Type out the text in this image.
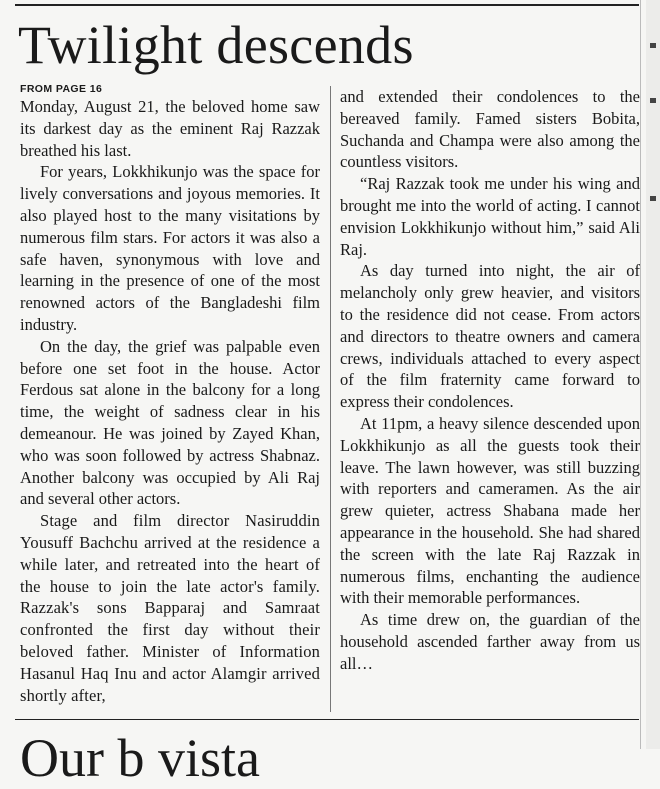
Twilight descends
FROM PAGE 16

Monday, August 21, the beloved home saw its darkest day as the eminent Raj Razzak breathed his last.

For years, Lokkhikunjo was the space for lively conversations and joyous memories. It also played host to the many visitations by numerous film stars. For actors it was also a safe haven, synonymous with love and learning in the presence of one of the most renowned actors of the Bangladeshi film industry.

On the day, the grief was palpable even before one set foot in the house. Actor Ferdous sat alone in the balcony for a long time, the weight of sadness clear in his demeanour. He was joined by Zayed Khan, who was soon followed by actress Shabnaz. Another balcony was occupied by Ali Raj and several other actors.

Stage and film director Nasiruddin Yousuff Bachchu arrived at the residence a while later, and retreated into the heart of the house to join the late actor's family. Razzak's sons Bapparaj and Samraat confronted the first day without their beloved father. Minister of Information Hasanul Haq Inu and actor Alamgir arrived shortly after,

and extended their condolences to the bereaved family. Famed sisters Bobita, Suchanda and Champa were also among the countless visitors.

“Raj Razzak took me under his wing and brought me into the world of acting. I cannot envision Lokkhikunjo without him,” said Ali Raj.

As day turned into night, the air of melancholy only grew heavier, and visitors to the residence did not cease. From actors and directors to theatre owners and camera crews, individuals attached to every aspect of the film fraternity came forward to express their condolences.

At 11pm, a heavy silence descended upon Lokkhikunjo as all the guests took their leave. The lawn however, was still buzzing with reporters and cameramen. As the air grew quieter, actress Shabana made her appearance in the household. She had shared the screen with the late Raj Razzak in numerous films, enchanting the audience with their memorable performances.

As time drew on, the guardian of the household ascended farther away from us all…

Our b vista
